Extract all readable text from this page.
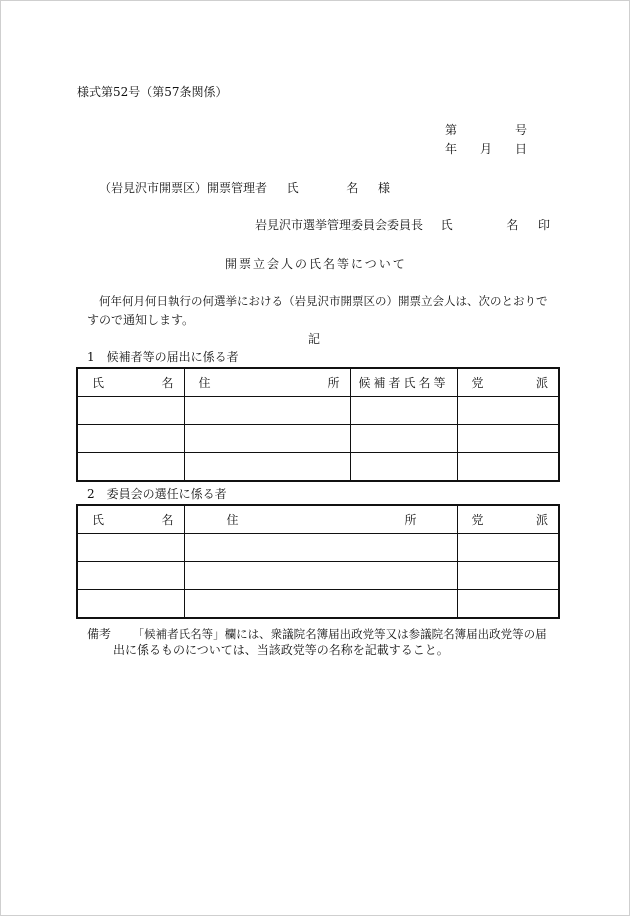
様式第52号（第57条関係）
第	号
年 月 日
（岩見沢市開票区）開票管理者 氏	名 様
岩見沢市選挙管理委員会委員長 氏	名 印
開票立会人の氏名等について
何年何月何日執行の何選挙における（岩見沢市開票区の）開票立会人は、次のとおりで
すので通知します。
記
1　候補者等の届出に係る者
氏 名	住 所	候補者氏名等	党 派

2　委員会の選任に係る者
氏 名	住 所	党 派

備考 「候補者氏名等」欄には、衆議院名簿届出政党等又は参議院名簿届出政党等の届
出に係るものについては、当該政党等の名称を記載すること。
